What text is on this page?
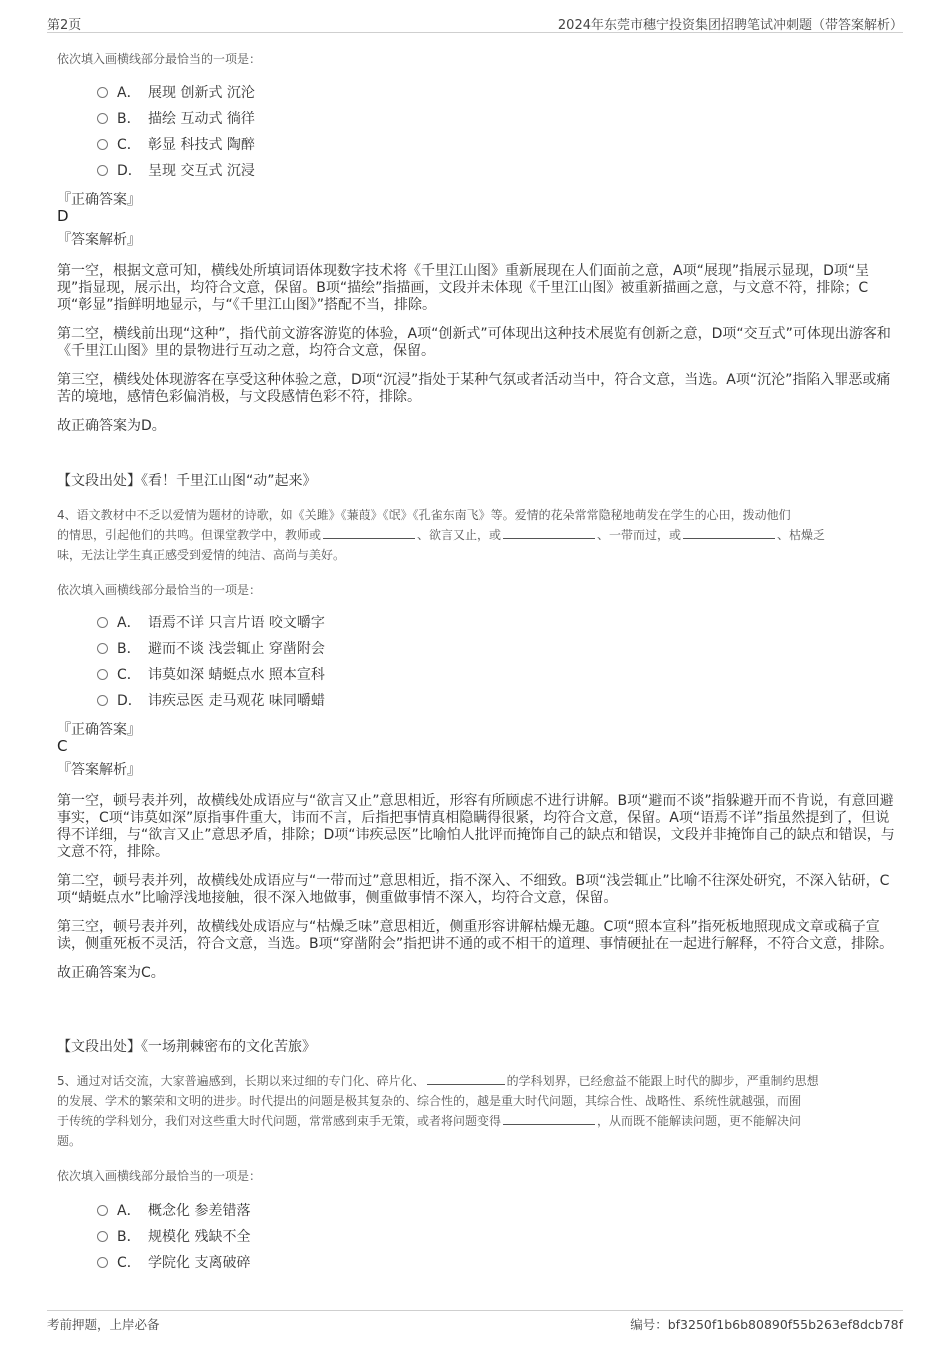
第2页	2024年东莞市穗宁投资集团招聘笔试冲刺题（带答案解析）
依次填入画横线部分最恰当的一项是：
A． 展现 创新式 沉沦
B． 描绘 互动式 徜徉
C． 彰显 科技式 陶醉
D． 呈现 交互式 沉浸
『正确答案』
D
『答案解析』
第一空，根据文意可知，横线处所填词语体现数字技术将《千里江山图》重新展现在人们面前之意，A项“展现”指展示显现，D项“呈现”指显现，展示出，均符合文意，保留。B项“描绘”指描画，文段并未体现《千里江山图》被重新描画之意，与文意不符，排除；C项“彰显”指鲜明地显示，与“《千里江山图》”搭配不当，排除。
第二空，横线前出现“这种”，指代前文游客游览的体验，A项“创新式”可体现出这种技术展览有创新之意，D项“交互式”可体现出游客和《千里江山图》里的景物进行互动之意，均符合文意，保留。
第三空，横线处体现游客在享受这种体验之意，D项“沉浸”指处于某种气氛或者活动当中，符合文意，当选。A项“沉沦”指陷入罪恶或痛苦的境地，感情色彩偏消极，与文段感情色彩不符，排除。
故正确答案为D。
【文段出处】《看！千里江山图“动”起来》
4、语文教材中不乏以爱情为题材的诗歌，如《关雎》《蒹葭》《氓》《孔雀东南飞》等。爱情的花朵常常隐秘地萌发在学生的心田，拨动他们
的情思，引起他们的共鸣。但课堂教学中，教师或	、欲言又止，或	、一带而过，或	、枯燥乏
味，无法让学生真正感受到爱情的纯洁、高尚与美好。
依次填入画横线部分最恰当的一项是：
A． 语焉不详 只言片语 咬文嚼字
B． 避而不谈 浅尝辄止 穿凿附会
C． 讳莫如深 蜻蜓点水 照本宣科
D． 讳疾忌医 走马观花 味同嚼蜡
『正确答案』
C
『答案解析』
第一空，顿号表并列，故横线处成语应与“欲言又止”意思相近，形容有所顾虑不进行讲解。B项“避而不谈”指躲避开而不肯说，有意回避事实，C项“讳莫如深”原指事件重大，讳而不言，后指把事情真相隐瞒得很紧，均符合文意，保留。A项“语焉不详”指虽然提到了，但说得不详细，与“欲言又止”意思矛盾，排除；D项“讳疾忌医”比喻怕人批评而掩饰自己的缺点和错误，文段并非掩饰自己的缺点和错误，与文意不符，排除。
第二空，顿号表并列，故横线处成语应与“一带而过”意思相近，指不深入、不细致。B项“浅尝辄止”比喻不往深处研究，不深入钻研，C项“蜻蜓点水”比喻浮浅地接触，很不深入地做事，侧重做事情不深入，均符合文意，保留。
第三空，顿号表并列，故横线处成语应与“枯燥乏味”意思相近，侧重形容讲解枯燥无趣。C项“照本宣科”指死板地照现成文章或稿子宣读，侧重死板不灵活，符合文意，当选。B项“穿凿附会”指把讲不通的或不相干的道理、事情硬扯在一起进行解释，不符合文意，排除。
故正确答案为C。
【文段出处】《一场荆棘密布的文化苦旅》
5、通过对话交流，大家普遍感到，长期以来过细的专门化、碎片化、	的学科划界，已经愈益不能跟上时代的脚步，严重制约思想
的发展、学术的繁荣和文明的进步。时代提出的问题是极其复杂的、综合性的，越是重大时代问题，其综合性、战略性、系统性就越强，而囿
于传统的学科划分，我们对这些重大时代问题，常常感到束手无策，或者将问题变得	，从而既不能解读问题，更不能解决问
题。
依次填入画横线部分最恰当的一项是：
A． 概念化 参差错落
B． 规模化 残缺不全
C． 学院化 支离破碎
考前押题，上岸必备	编号：bf3250f1b6b80890f55b263ef8dcb78f
